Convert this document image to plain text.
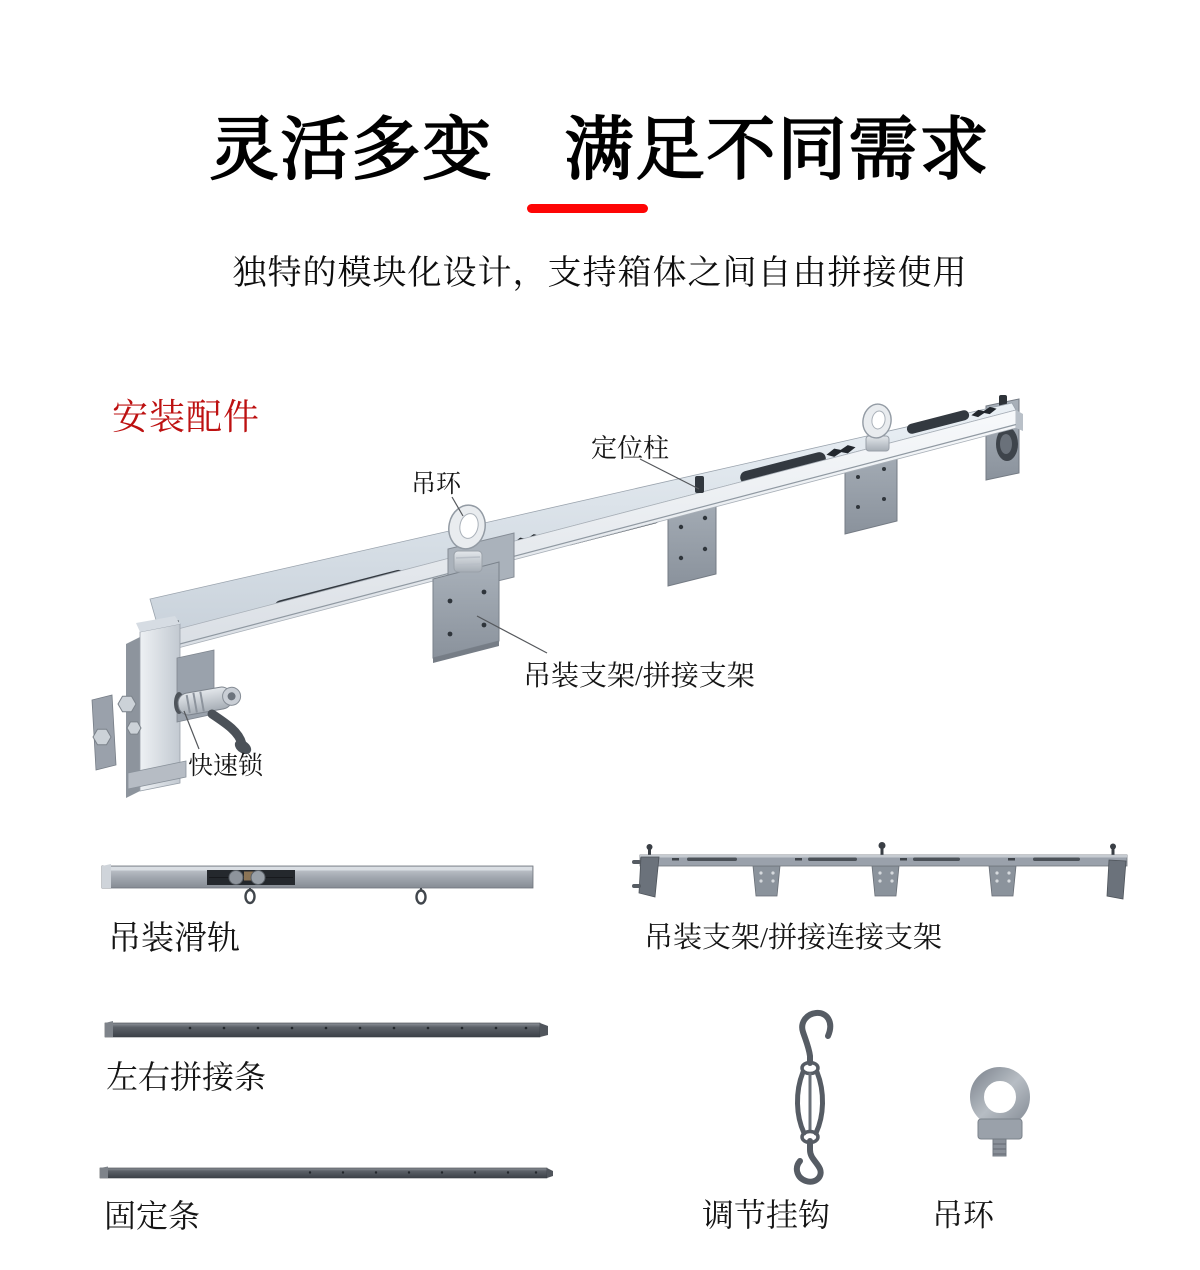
灵活多变　满足不同需求
独特的模块化设计，支持箱体之间自由拼接使用
安装配件
吊环
定位柱
吊装支架/拼接支架
快速锁
吊装滑轨	吊装支架/拼接连接支架
左右拼接条
固定条	调节挂钩	吊环
